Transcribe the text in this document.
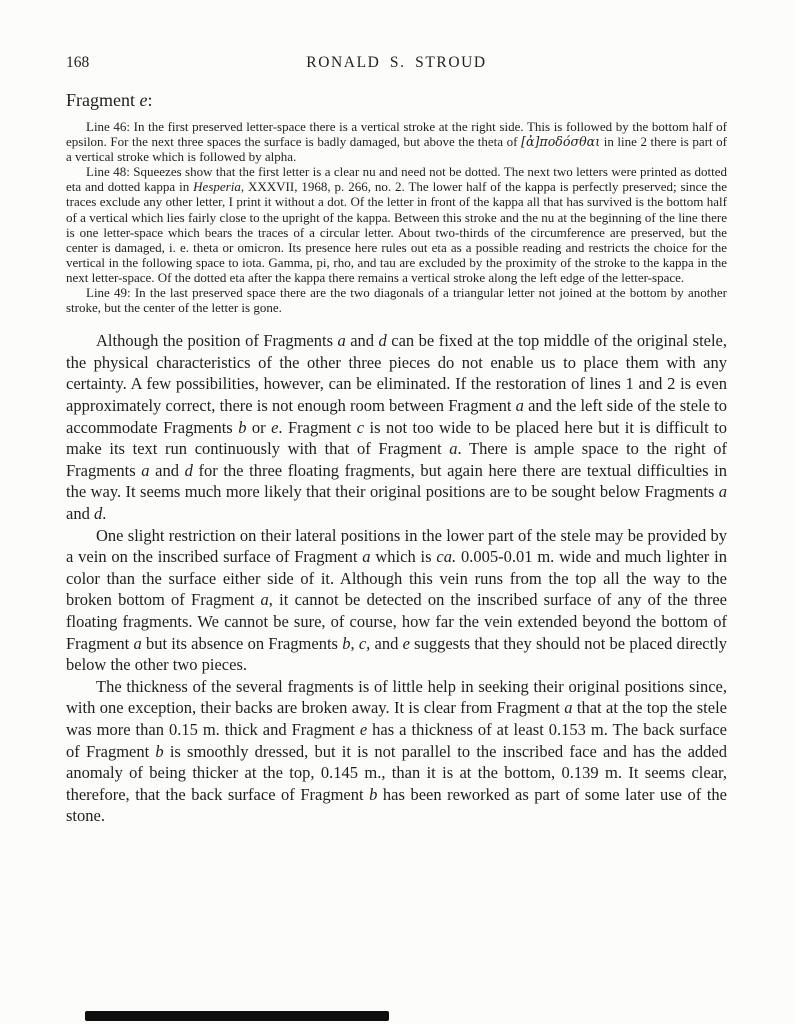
168	RONALD S. STROUD
Fragment e:

Line 46: In the first preserved letter-space there is a vertical stroke at the right side. This is followed by the bottom half of epsilon. For the next three spaces the surface is badly damaged, but above the theta of [ἀ]ποδόσθαι in line 2 there is part of a vertical stroke which is followed by alpha.

Line 48: Squeezes show that the first letter is a clear nu and need not be dotted. The next two letters were printed as dotted eta and dotted kappa in Hesperia, XXXVII, 1968, p. 266, no. 2. The lower half of the kappa is perfectly preserved; since the traces exclude any other letter, I print it without a dot. Of the letter in front of the kappa all that has survived is the bottom half of a vertical which lies fairly close to the upright of the kappa. Between this stroke and the nu at the beginning of the line there is one letter-space which bears the traces of a circular letter. About two-thirds of the circumference are preserved, but the center is damaged, i. e. theta or omicron. Its presence here rules out eta as a possible reading and restricts the choice for the vertical in the following space to iota. Gamma, pi, rho, and tau are excluded by the proximity of the stroke to the kappa in the next letter-space. Of the dotted eta after the kappa there remains a vertical stroke along the left edge of the letter-space.

Line 49: In the last preserved space there are the two diagonals of a triangular letter not joined at the bottom by another stroke, but the center of the letter is gone.

Although the position of Fragments a and d can be fixed at the top middle of the original stele, the physical characteristics of the other three pieces do not enable us to place them with any certainty. A few possibilities, however, can be eliminated. If the restoration of lines 1 and 2 is even approximately correct, there is not enough room between Fragment a and the left side of the stele to accommodate Fragments b or e. Fragment c is not too wide to be placed here but it is difficult to make its text run continuously with that of Fragment a. There is ample space to the right of Fragments a and d for the three floating fragments, but again here there are textual difficulties in the way. It seems much more likely that their original positions are to be sought below Fragments a and d.

One slight restriction on their lateral positions in the lower part of the stele may be provided by a vein on the inscribed surface of Fragment a which is ca. 0.005-0.01 m. wide and much lighter in color than the surface either side of it. Although this vein runs from the top all the way to the broken bottom of Fragment a, it cannot be detected on the inscribed surface of any of the three floating fragments. We cannot be sure, of course, how far the vein extended beyond the bottom of Fragment a but its absence on Fragments b, c, and e suggests that they should not be placed directly below the other two pieces.

The thickness of the several fragments is of little help in seeking their original positions since, with one exception, their backs are broken away. It is clear from Fragment a that at the top the stele was more than 0.15 m. thick and Fragment e has a thickness of at least 0.153 m. The back surface of Fragment b is smoothly dressed, but it is not parallel to the inscribed face and has the added anomaly of being thicker at the top, 0.145 m., than it is at the bottom, 0.139 m. It seems clear, therefore, that the back surface of Fragment b has been reworked as part of some later use of the stone.
